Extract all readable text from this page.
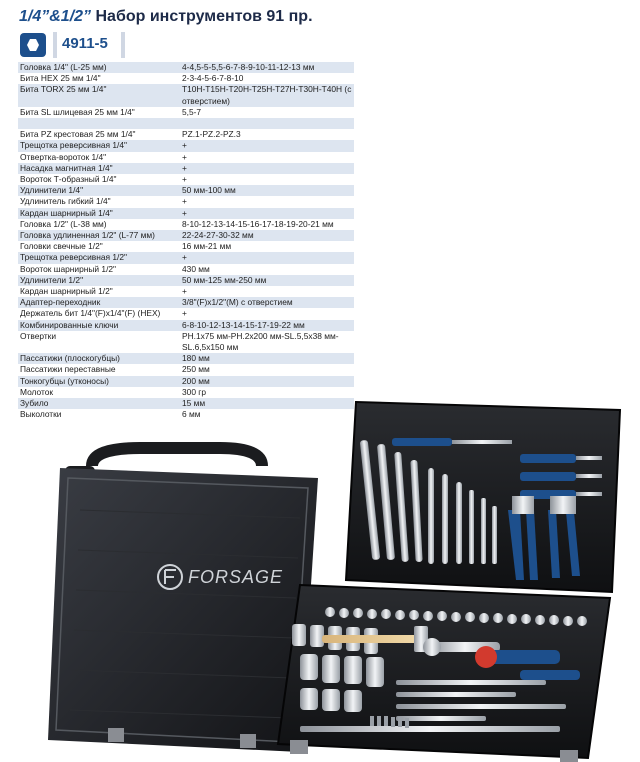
1/4”&1/2” Набор инструментов 91 пр.
4911-5
Головка 1/4" (L-25 мм)	4-4,5-5-5,5-6-7-8-9-10-11-12-13 мм
Бита HEX 25 мм 1/4"	2-3-4-5-6-7-8-10
Бита TORX 25 мм 1/4"	T10H-T15H-T20H-T25H-T27H-T30H-T40H (с отверстием)
Бита SL шлицевая 25 мм 1/4"	5,5-7

Бита PZ крестовая 25 мм 1/4"	PZ.1-PZ.2-PZ.3
Трещотка реверсивная 1/4"	+
Отвертка-вороток 1/4"	+
Насадка магнитная 1/4"	+
Вороток Т-образный 1/4"	+
Удлинители 1/4"	50 мм-100 мм
Удлинитель гибкий 1/4"	+
Кардан шарнирный 1/4"	+
Головка 1/2" (L-38 мм)	8-10-12-13-14-15-16-17-18-19-20-21 мм
Головка удлиненная 1/2" (L-77 мм)	22-24-27-30-32 мм
Головки свечные 1/2"	16 мм-21 мм
Трещотка реверсивная 1/2"	+
Вороток шарнирный 1/2"	430 мм
Удлинители 1/2"	50 мм-125 мм-250 мм
Кардан шарнирный 1/2"	+
Адаптер-переходник	3/8"(F)x1/2"(M) с отверстием
Держатель бит 1/4"(F)x1/4"(F) (HEX)	+
Комбинированные ключи	6-8-10-12-13-14-15-17-19-22 мм
Отвертки	PH.1x75 мм-PH.2x200 мм-SL.5,5x38 мм-SL.6,5x150 мм
Пассатижи (плоскогубцы)	180 мм
Пассатижи переставные	250 мм
Тонкогубцы (утконосы)	200 мм
Молоток	300 гр
Зубило	15 мм
Выколотки	6 мм
FORSAGE
